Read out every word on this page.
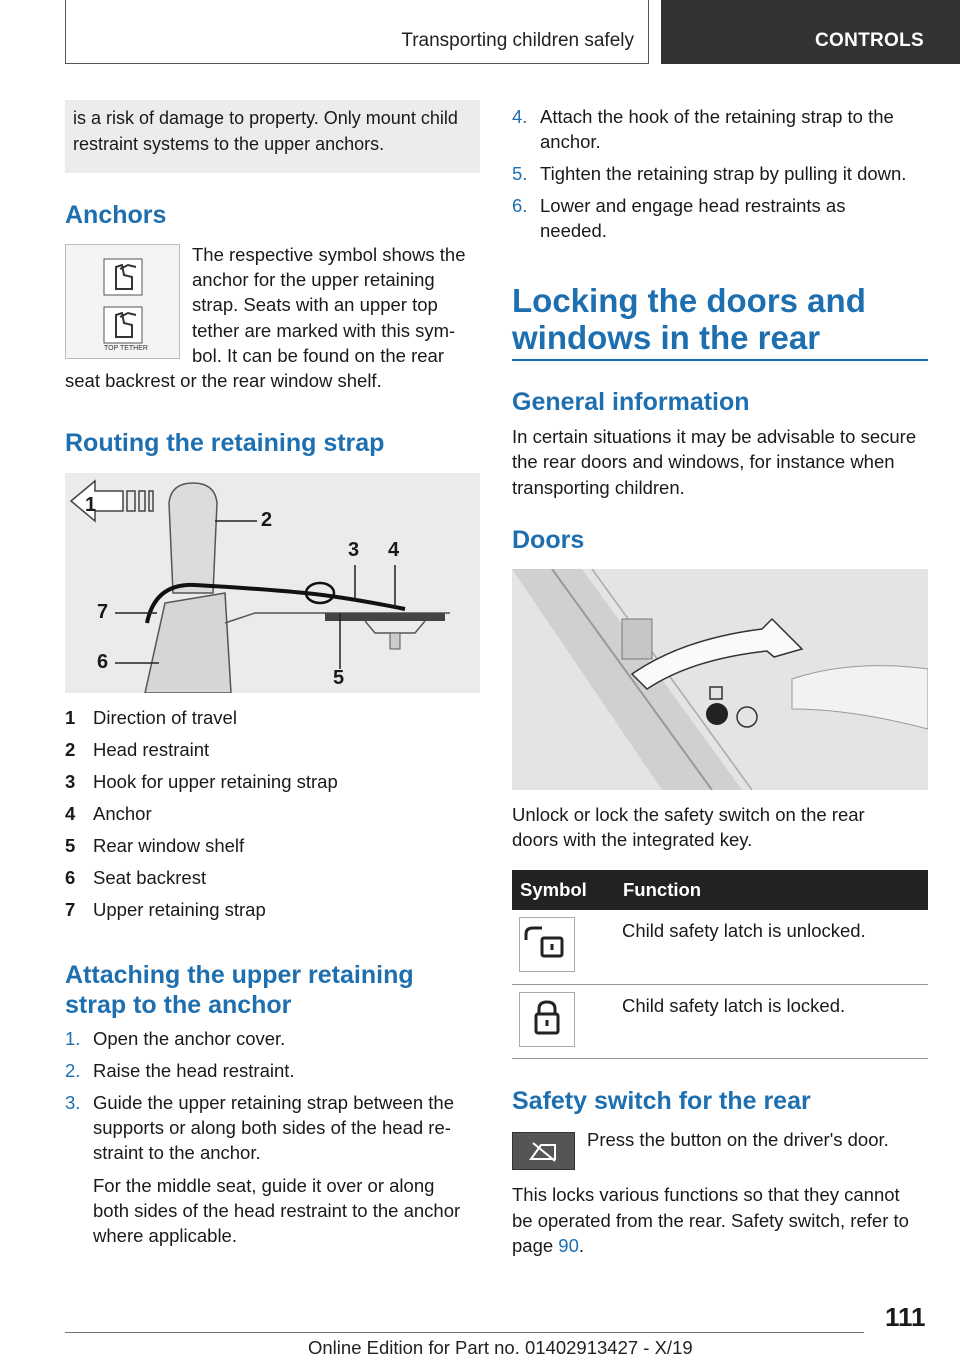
Transporting children safely	CONTROLS
is a risk of damage to property. Only mount child restraint systems to the upper anchors.
Anchors
TOP TETHER
The respective symbol shows the
anchor for the upper retaining
strap. Seats with an upper top
tether are marked with this sym-
bol. It can be found on the rear
seat backrest or the rear window shelf.
Routing the retaining strap
1
2
3 4
5
6
7
1 Direction of travel
2 Head restraint
3 Hook for upper retaining strap
4 Anchor
5 Rear window shelf
6 Seat backrest
7 Upper retaining strap
Attaching the upper retaining
strap to the anchor
1. Open the anchor cover.
2. Raise the head restraint.
3. Guide the upper retaining strap between the
supports or along both sides of the head re-
straint to the anchor.
For the middle seat, guide it over or along
both sides of the head restraint to the anchor
where applicable.
4. Attach the hook of the retaining strap to the
anchor.
5. Tighten the retaining strap by pulling it down.
6. Lower and engage head restraints as
needed.
Locking the doors and
windows in the rear
General information
In certain situations it may be advisable to secure
the rear doors and windows, for instance when
transporting children.
Doors
Unlock or lock the safety switch on the rear
doors with the integrated key.
Symbol Function
Child safety latch is unlocked.
Child safety latch is locked.
Safety switch for the rear
Press the button on the driver's door.
This locks various functions so that they cannot
be operated from the rear. Safety switch, refer to
page 90.
111
Online Edition for Part no. 01402913427 - X/19
